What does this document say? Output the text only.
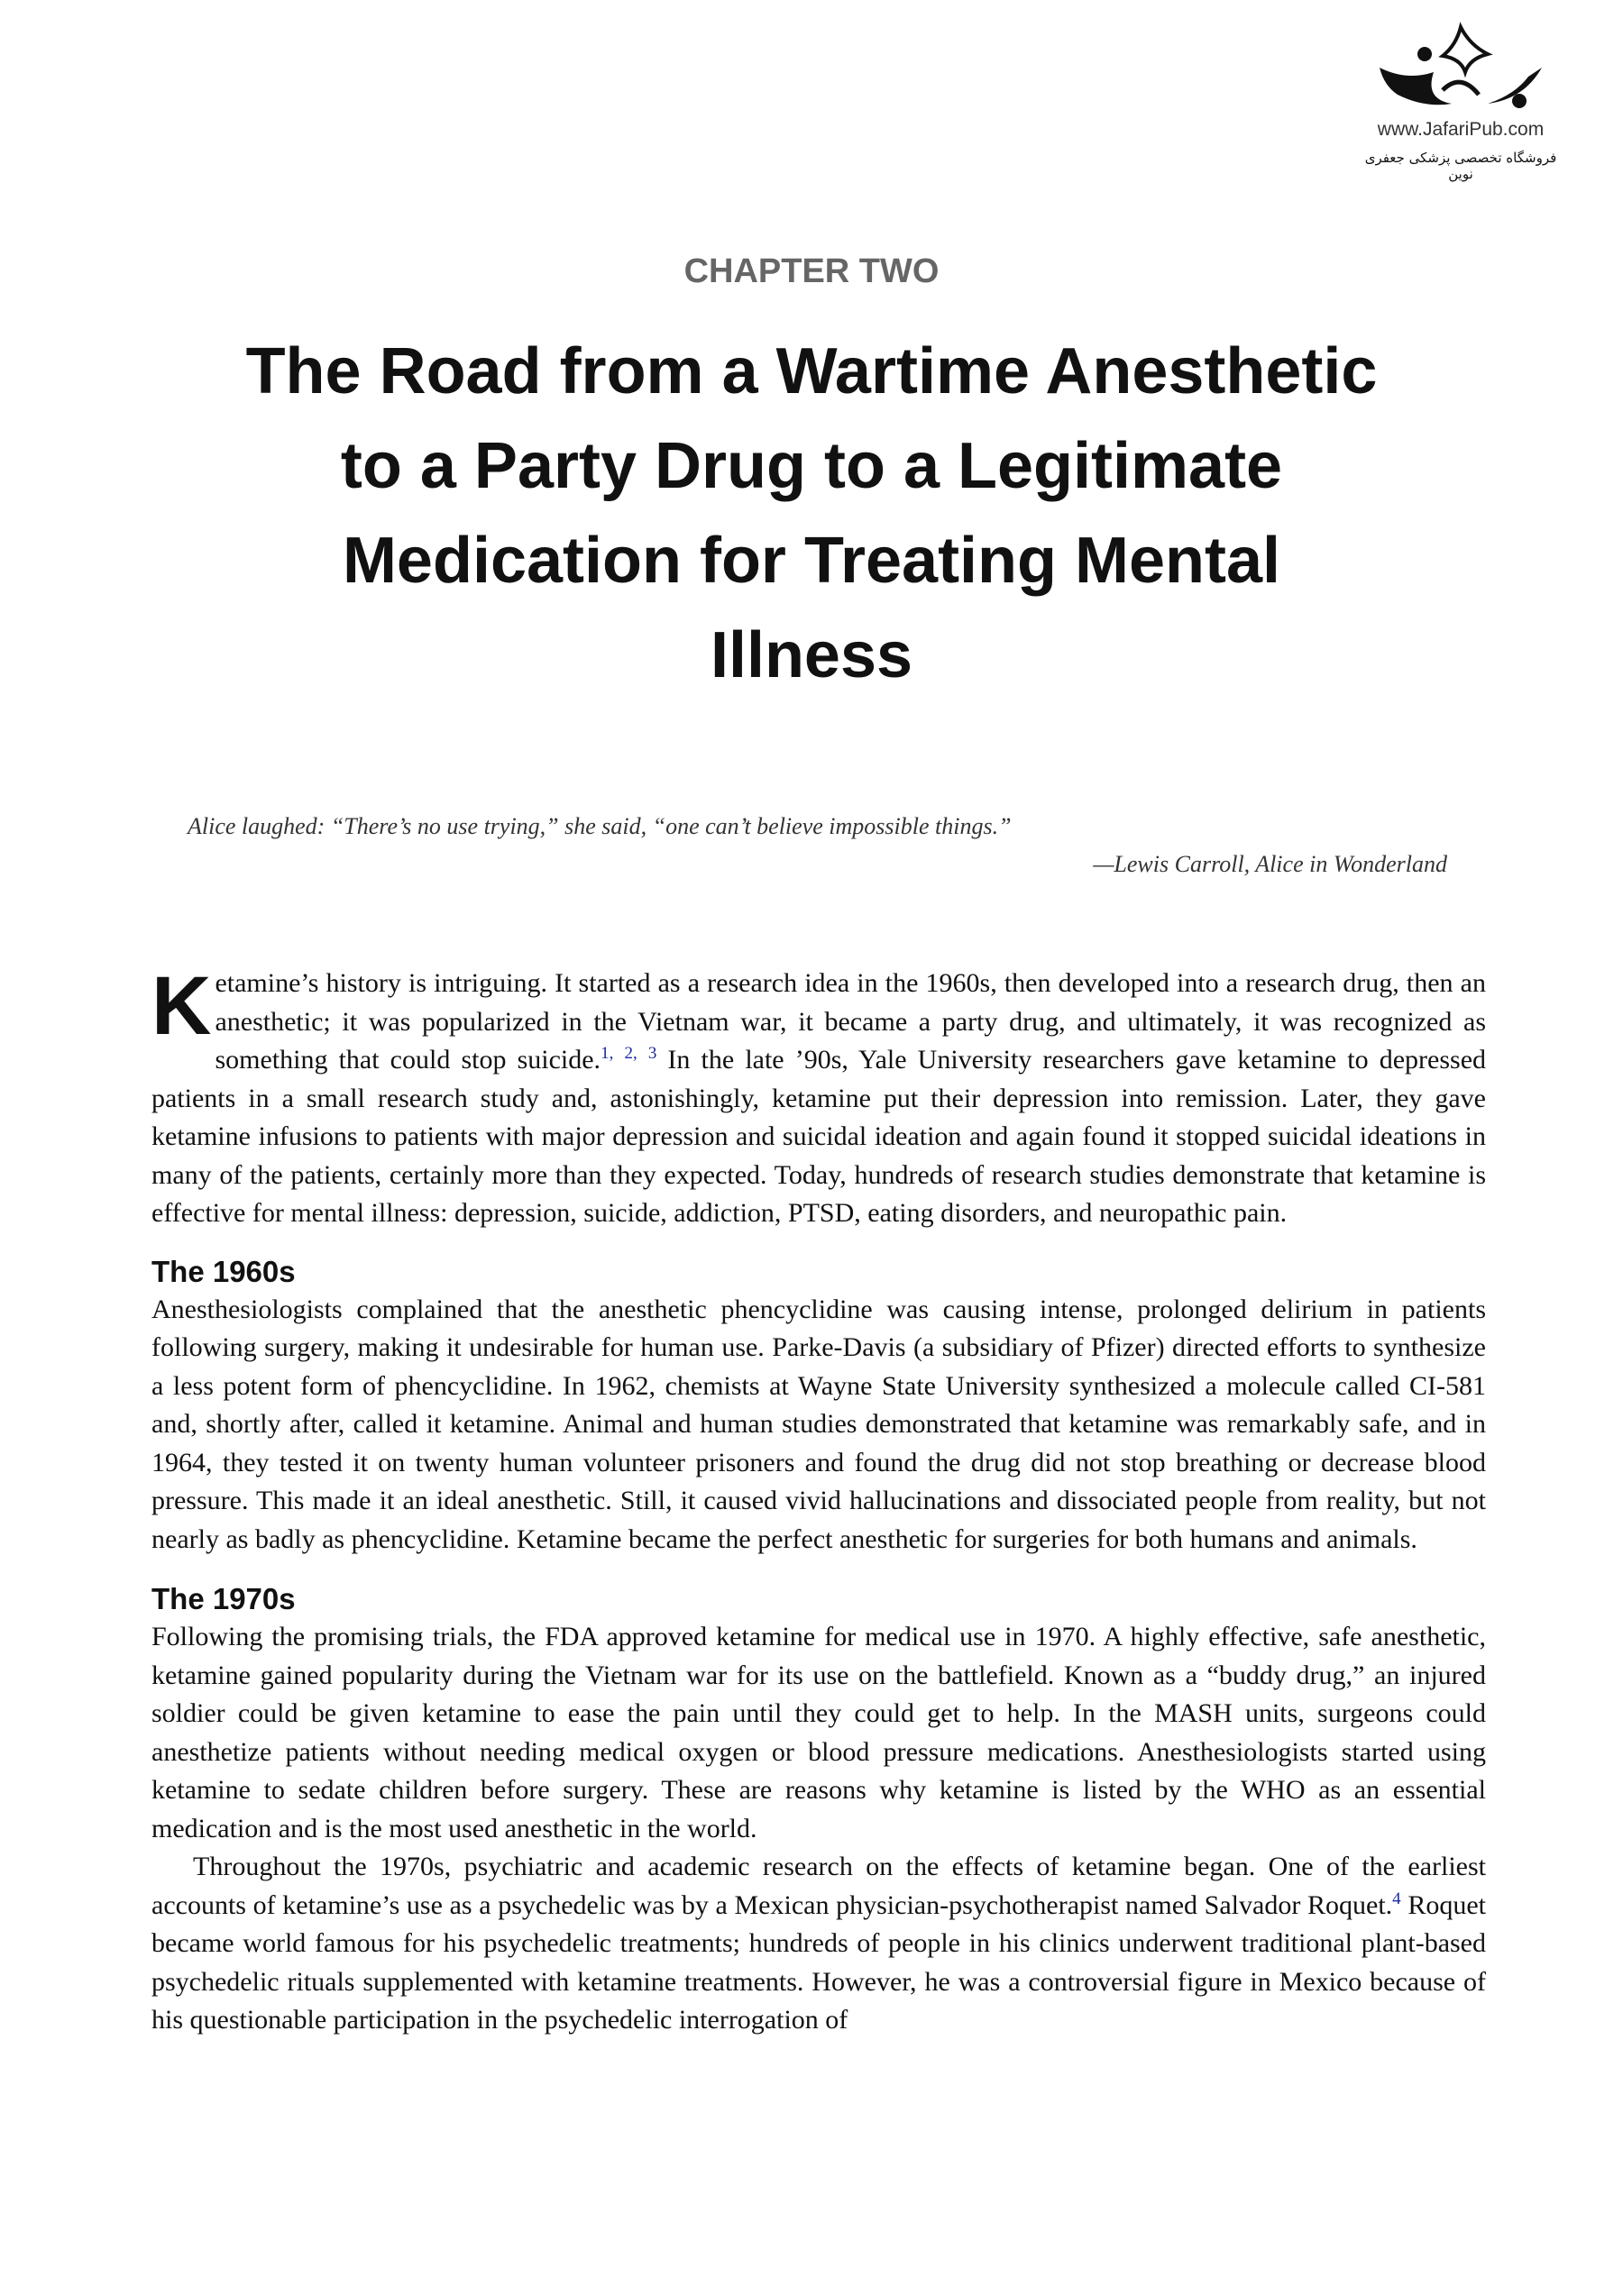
www.JafariPub.com
فروشگاه تخصصی پزشکی جعفری نوین
CHAPTER TWO
The Road from a Wartime Anesthetic
to a Party Drug to a Legitimate
Medication for Treating Mental
Illness
Alice laughed: “There’s no use trying,” she said, “one can’t believe impossible things.”
—Lewis Carroll, Alice in Wonderland

Ketamine’s history is intriguing. It started as a research idea in the 1960s, then developed into a research drug, then an anesthetic; it was popularized in the Vietnam war, it became a party drug, and ultimately, it was recognized as something that could stop suicide.$^{1,}$ $^{2,}$ $^3$ In the late ’90s, Yale University researchers gave ketamine to depressed patients in a small research study and, astonishingly, ketamine put their depression into remission. Later, they gave ketamine infusions to patients with major depression and suicidal ideation and again found it stopped suicidal ideations in many of the patients, certainly more than they expected. Today, hundreds of research studies demonstrate that ketamine is effective for mental illness: depression, suicide, addiction, PTSD, eating disorders, and neuropathic pain.

The 1960s

Anesthesiologists complained that the anesthetic phencyclidine was causing intense, prolonged delirium in patients following surgery, making it undesirable for human use. Parke-Davis (a subsidiary of Pfizer) directed efforts to synthesize a less potent form of phencyclidine. In 1962, chemists at Wayne State University synthesized a molecule called CI-581 and, shortly after, called it ketamine. Animal and human studies demonstrated that ketamine was remarkably safe, and in 1964, they tested it on twenty human volunteer prisoners and found the drug did not stop breathing or decrease blood pressure. This made it an ideal anesthetic. Still, it caused vivid hallucinations and dissociated people from reality, but not nearly as badly as phencyclidine. Ketamine became the perfect anesthetic for surgeries for both humans and animals.

The 1970s

Following the promising trials, the FDA approved ketamine for medical use in 1970. A highly effective, safe anesthetic, ketamine gained popularity during the Vietnam war for its use on the battlefield. Known as a “buddy drug,” an injured soldier could be given ketamine to ease the pain until they could get to help. In the MASH units, surgeons could anesthetize patients without needing medical oxygen or blood pressure medications. Anesthesiologists started using ketamine to sedate children before surgery. These are reasons why ketamine is listed by the WHO as an essential medication and is the most used anesthetic in the world.

Throughout the 1970s, psychiatric and academic research on the effects of ketamine began. One of the earliest accounts of ketamine’s use as a psychedelic was by a Mexican physician-psychotherapist named Salvador Roquet.$^4$ Roquet became world famous for his psychedelic treatments; hundreds of people in his clinics underwent traditional plant-based psychedelic rituals supplemented with ketamine treatments. However, he was a controversial figure in Mexico because of his questionable participation in the psychedelic interrogation of
